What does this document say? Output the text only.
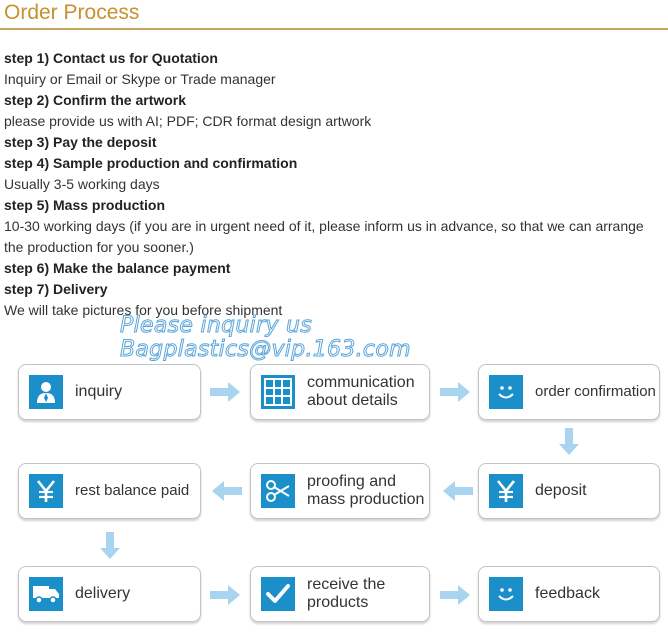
Order Process
step 1) Contact us for Quotation
Inquiry or Email or Skype or Trade manager
step 2) Confirm the artwork
please provide us with AI; PDF; CDR format design artwork
step 3) Pay the deposit
step 4) Sample production and confirmation
Usually 3-5 working days
step 5) Mass production
10-30 working days (if you are in urgent need of it, please inform us in advance, so that we can arrange the production for you sooner.)
step 6) Make the balance payment
step 7) Delivery
We will take pictures for you before shipment
Please inquiry us
Bagplastics@vip.163.com
inquiry
communication
about details
order confirmation
rest balance paid
proofing and
mass production
deposit
delivery
receive the
products
feedback
